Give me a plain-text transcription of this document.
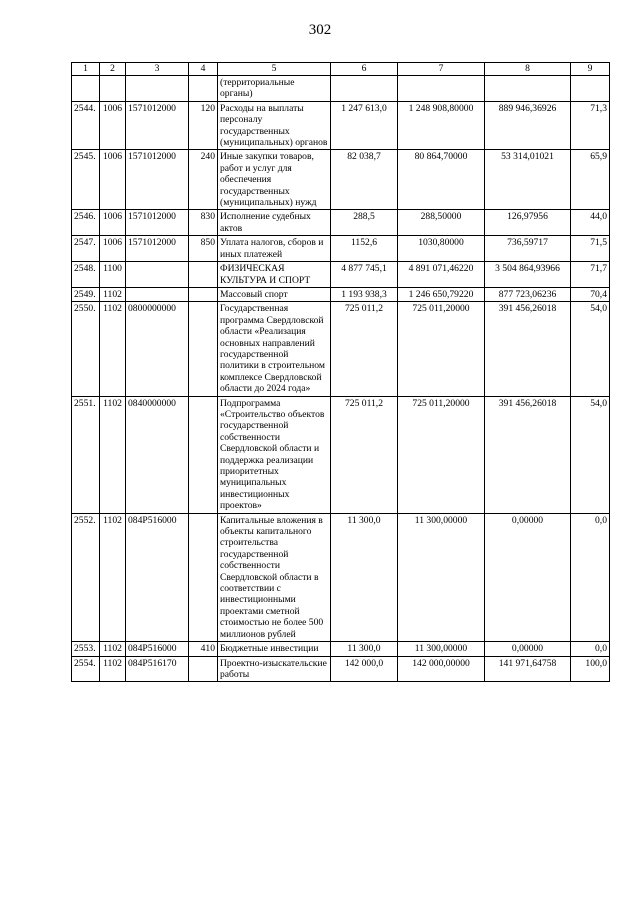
302
1	2	3	4	5	6	7	8	9
				(территориальные органы)				
2544.	1006	1571012000	120	Расходы на выплаты персоналу государственных (муниципальных) органов	1 247 613,0	1 248 908,80000	889 946,36926	71,3
2545.	1006	1571012000	240	Иные закупки товаров, работ и услуг для обеспечения государственных (муниципальных) нужд	82 038,7	80 864,70000	53 314,01021	65,9
2546.	1006	1571012000	830	Исполнение судебных актов	288,5	288,50000	126,97956	44,0
2547.	1006	1571012000	850	Уплата налогов, сборов и иных платежей	1152,6	1030,80000	736,59717	71,5
2548.	1100			ФИЗИЧЕСКАЯ КУЛЬТУРА И СПОРТ	4 877 745,1	4 891 071,46220	3 504 864,93966	71,7
2549.	1102			Массовый спорт	1 193 938,3	1 246 650,79220	877 723,06236	70,4
2550.	1102	0800000000		Государственная программа Свердловской области «Реализация основных направлений государственной политики в строительном комплексе Свердловской области до 2024 года»	725 011,2	725 011,20000	391 456,26018	54,0
2551.	1102	0840000000		Подпрограмма «Строительство объектов государственной собственности Свердловской области и поддержка реализации приоритетных муниципальных инвестиционных проектов»	725 011,2	725 011,20000	391 456,26018	54,0
2552.	1102	084P516000		Капитальные вложения в объекты капитального строительства государственной собственности Свердловской области в соответствии с инвестиционными проектами сметной стоимостью не более 500 миллионов рублей	11 300,0	11 300,00000	0,00000	0,0
2553.	1102	084P516000	410	Бюджетные инвестиции	11 300,0	11 300,00000	0,00000	0,0
2554.	1102	084P516170		Проектно-изыскательские работы	142 000,0	142 000,00000	141 971,64758	100,0
